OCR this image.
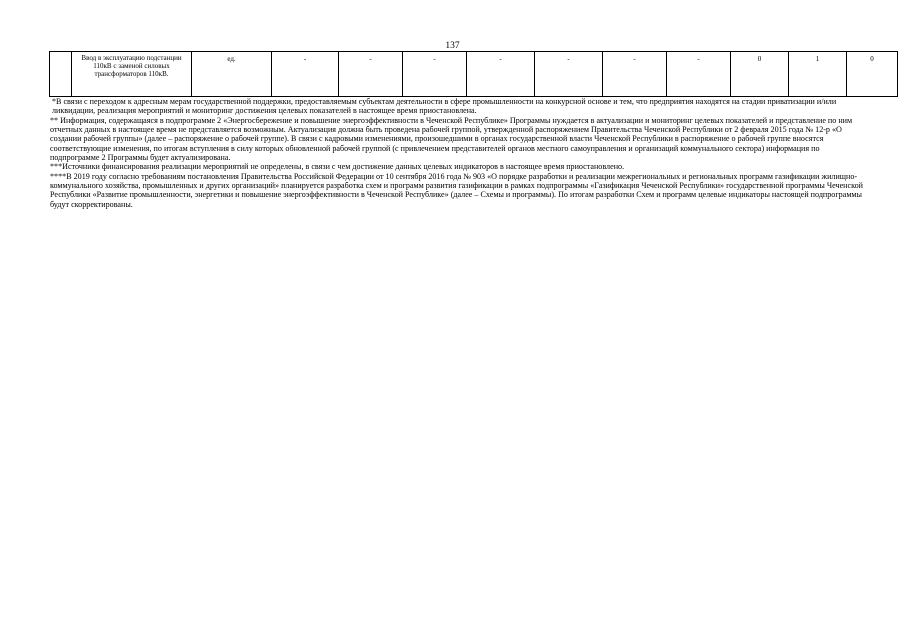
137
	Ввод в эксплуатацию подстанции 110кВ с заменой силовых трансформаторов 110кВ.	ед.	-	-	-	-	-	-	-	0	1	0

*В связи с переходом к адресным мерам государственной поддержки, предоставляемым субъектам деятельности в сфере промышленности на конкурсной основе и тем, что предприятия находятся на стадии приватизации и/или ликвидации, реализация мероприятий и мониторинг достижения целевых показателей в настоящее время приостановлена.

** Информация, содержащаяся в подпрограмме 2 «Энергосбережение и повышение энергоэффективности в Чеченской Республике» Программы нуждается в актуализации и мониторинг целевых показателей и представление по ним отчетных данных в настоящее время не представляется возможным. Актуализация должна быть проведена рабочей группой, утвержденной распоряжением Правительства Чеченской Республики от 2 февраля 2015 года № 12-р «О создании рабочей группы» (далее – распоряжение о рабочей группе). В связи с кадровыми изменениями, произошедшими в органах государственной власти Чеченской Республики в распоряжение о рабочей группе вносятся соответствующие изменения, по итогам вступления в силу которых обновленной рабочей группой (с привлечением представителей органов местного самоуправления и организаций коммунального сектора) информация по подпрограмме 2 Программы будет актуализирована.

***Источники финансирования реализации мероприятий не определены, в связи с чем достижение данных целевых индикаторов в настоящее время приостановлено.

****В 2019 году согласно требованиям постановления Правительства Российской Федерации от 10 сентября 2016 года № 903 «О порядке разработки и реализации межрегиональных и региональных программ газификации жилищно-коммунального хозяйства, промышленных и других организаций» планируется разработка схем и программ развития газификации в рамках подпрограммы «Газификация Чеченской Республики» государственной программы Чеченской Республики «Развитие промышленности, энергетики и повышение энергоэффективности в Чеченской Республике» (далее – Схемы и программы). По итогам разработки Схем и программ целевые индикаторы настоящей подпрограммы будут скорректированы.
